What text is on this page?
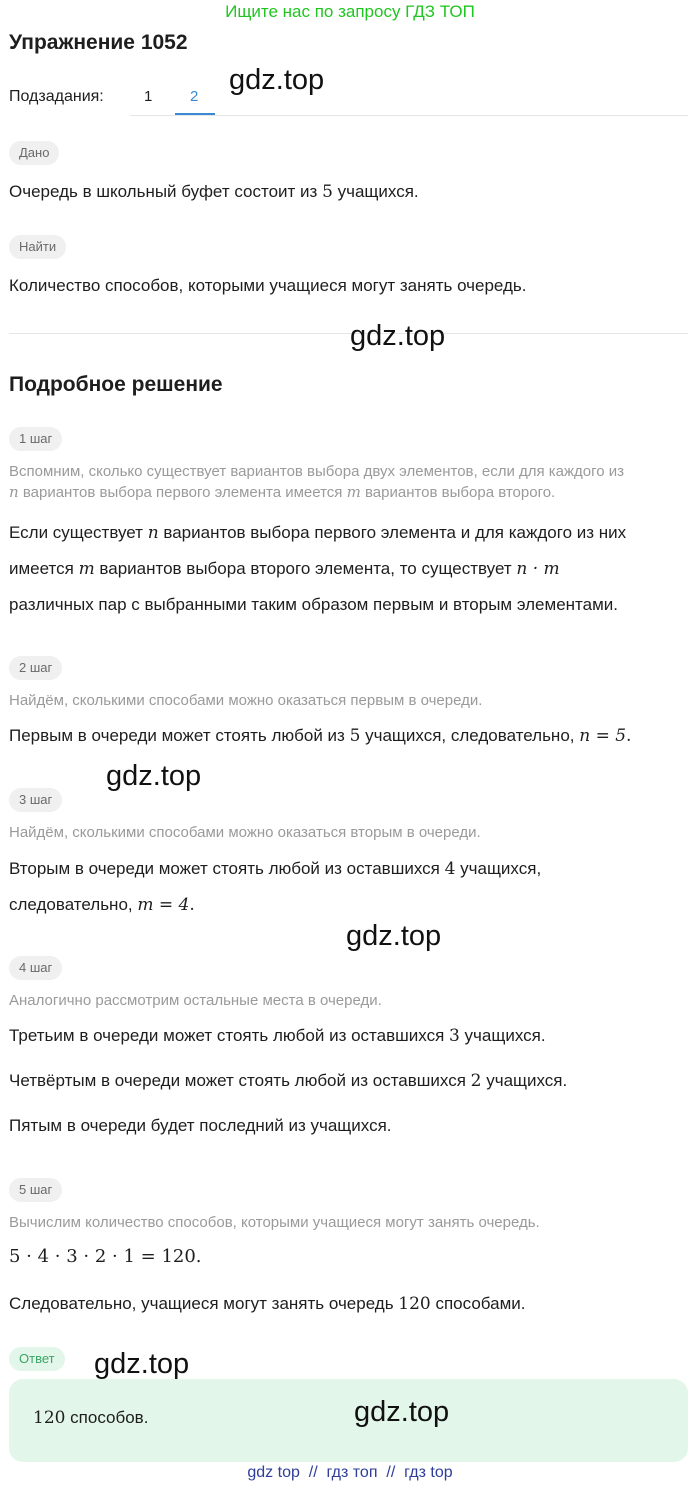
Ищите нас по запросу ГДЗ ТОП
Упражнение 1052
Подзадания:	1	2
Дано
Очередь в школьный буфет состоит из 5 учащихся.
Найти
Количество способов, которыми учащиеся могут занять очередь.
Подробное решение
1 шаг
Вспомним, сколько существует вариантов выбора двух элементов, если для каждого из
n вариантов выбора первого элемента имеется m вариантов выбора второго.
Если существует n вариантов выбора первого элемента и для каждого из них
имеется m вариантов выбора второго элемента, то существует n · m
различных пар с выбранными таким образом первым и вторым элементами.
2 шаг
Найдём, сколькими способами можно оказаться первым в очереди.
Первым в очереди может стоять любой из 5 учащихся, следовательно, n = 5.
3 шаг
Найдём, сколькими способами можно оказаться вторым в очереди.
Вторым в очереди может стоять любой из оставшихся 4 учащихся,
следовательно, m = 4.
4 шаг
Аналогично рассмотрим остальные места в очереди.
Третьим в очереди может стоять любой из оставшихся 3 учащихся.
Четвёртым в очереди может стоять любой из оставшихся 2 учащихся.
Пятым в очереди будет последний из учащихся.
5 шаг
Вычислим количество способов, которыми учащиеся могут занять очередь.
5 · 4 · 3 · 2 · 1 = 120.
Следовательно, учащиеся могут занять очередь 120 способами.
Ответ
120 способов.
gdz.top
gdz.top
gdz.top
gdz.top
gdz.top
gdz.top
gdz top  //  гдз топ  //  гдз top
